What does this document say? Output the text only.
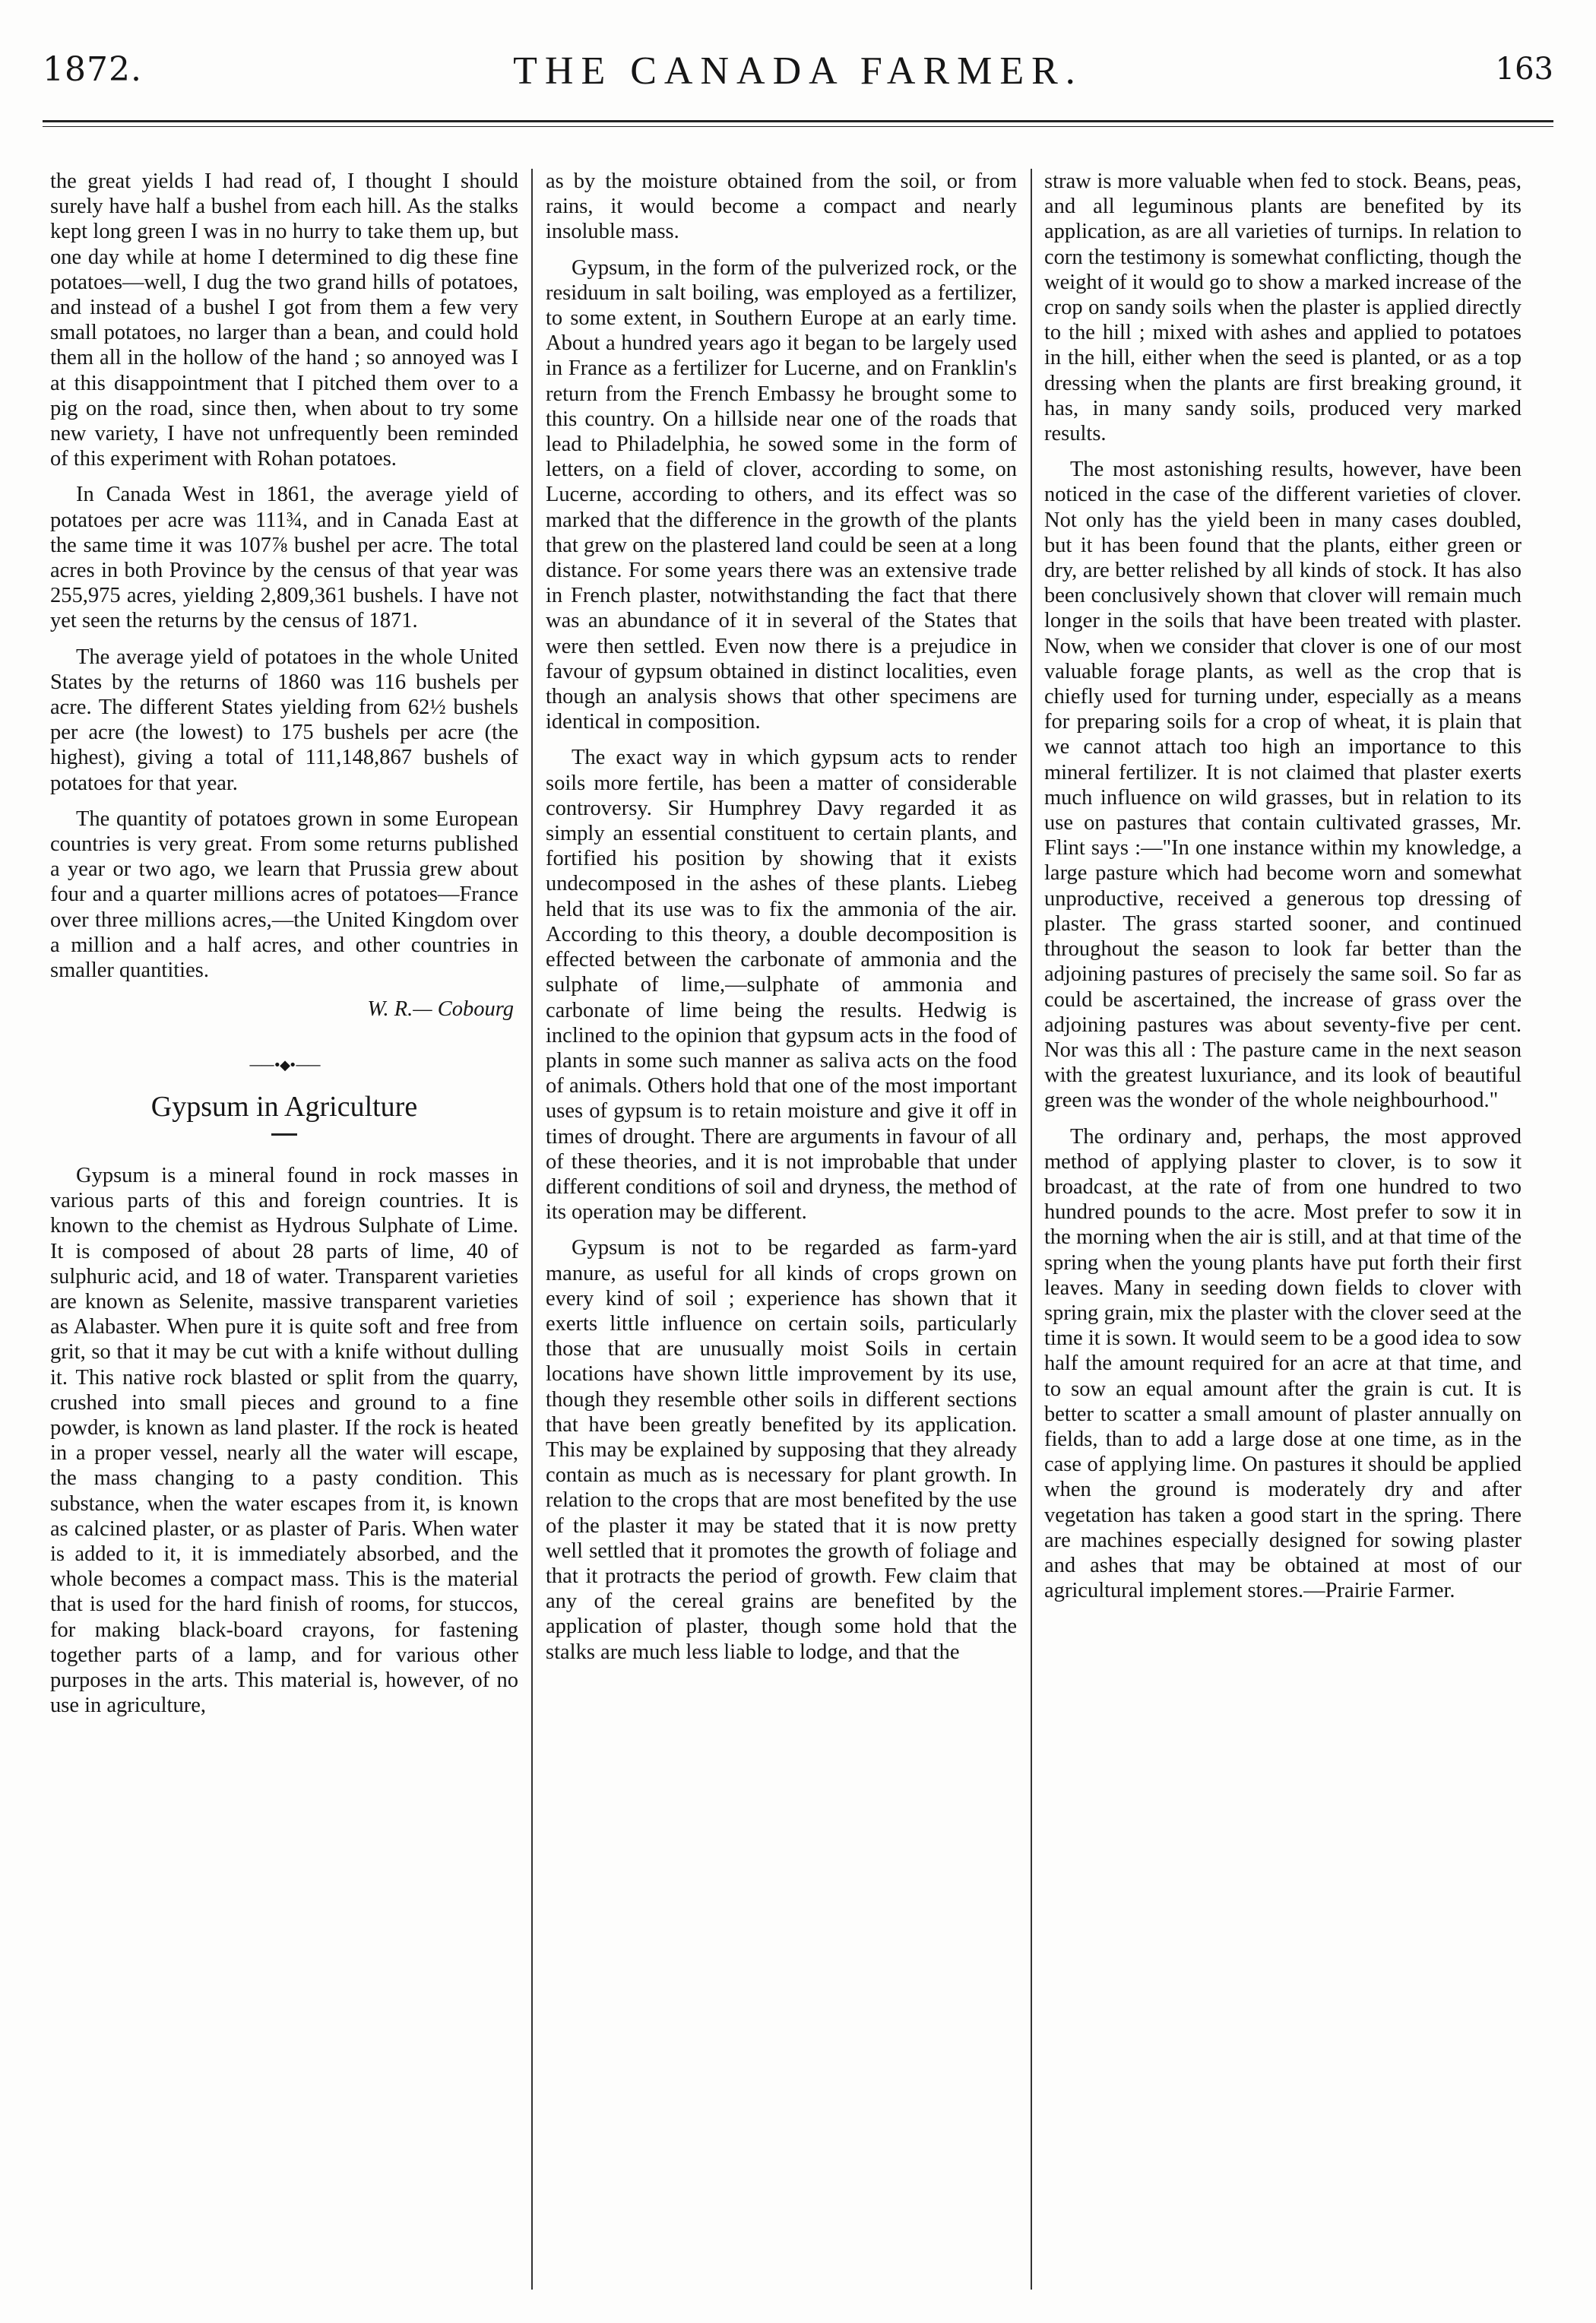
1872.	THE CANADA FARMER.	163

the great yields I had read of, I thought I should surely have half a bushel from each hill. As the stalks kept long green I was in no hurry to take them up, but one day while at home I determined to dig these fine potatoes—well, I dug the two grand hills of potatoes, and instead of a bushel I got from them a few very small potatoes, no larger than a bean, and could hold them all in the hollow of the hand ; so annoyed was I at this disappointment that I pitched them over to a pig on the road, since then, when about to try some new variety, I have not unfrequently been reminded of this experiment with Rohan potatoes.

In Canada West in 1861, the average yield of potatoes per acre was 111¾, and in Canada East at the same time it was 107⅞ bushel per acre. The total acres in both Province by the census of that year was 255,975 acres, yielding 2,809,361 bushels. I have not yet seen the returns by the census of 1871.

The average yield of potatoes in the whole United States by the returns of 1860 was 116 bushels per acre. The different States yielding from 62½ bushels per acre (the lowest) to 175 bushels per acre (the highest), giving a total of 111,148,867 bushels of potatoes for that year.

The quantity of potatoes grown in some European countries is very great. From some returns published a year or two ago, we learn that Prussia grew about four and a quarter millions acres of potatoes—France over three millions acres,—the United Kingdom over a million and a half acres, and other countries in smaller quantities.

W. R.— Cobourg
——•◆•——
Gypsum in Agriculture

Gypsum is a mineral found in rock masses in various parts of this and foreign countries. It is known to the chemist as Hydrous Sulphate of Lime. It is composed of about 28 parts of lime, 40 of sulphuric acid, and 18 of water. Transparent varieties are known as Selenite, massive transparent varieties as Alabaster. When pure it is quite soft and free from grit, so that it may be cut with a knife without dulling it. This native rock blasted or split from the quarry, crushed into small pieces and ground to a fine powder, is known as land plaster. If the rock is heated in a proper vessel, nearly all the water will escape, the mass changing to a pasty condition. This substance, when the water escapes from it, is known as calcined plaster, or as plaster of Paris. When water is added to it, it is immediately absorbed, and the whole becomes a compact mass. This is the material that is used for the hard finish of rooms, for stuccos, for making black-board crayons, for fastening together parts of a lamp, and for various other purposes in the arts. This material is, however, of no use in agriculture,

as by the moisture obtained from the soil, or from rains, it would become a compact and nearly insoluble mass.

Gypsum, in the form of the pulverized rock, or the residuum in salt boiling, was employed as a fertilizer, to some extent, in Southern Europe at an early time. About a hundred years ago it began to be largely used in France as a fertilizer for Lucerne, and on Franklin's return from the French Embassy he brought some to this country. On a hillside near one of the roads that lead to Philadelphia, he sowed some in the form of letters, on a field of clover, according to some, on Lucerne, according to others, and its effect was so marked that the difference in the growth of the plants that grew on the plastered land could be seen at a long distance. For some years there was an extensive trade in French plaster, notwithstanding the fact that there was an abundance of it in several of the States that were then settled. Even now there is a prejudice in favour of gypsum obtained in distinct localities, even though an analysis shows that other specimens are identical in composition.

The exact way in which gypsum acts to render soils more fertile, has been a matter of considerable controversy. Sir Humphrey Davy regarded it as simply an essential constituent to certain plants, and fortified his position by showing that it exists undecomposed in the ashes of these plants. Liebeg held that its use was to fix the ammonia of the air. According to this theory, a double decomposition is effected between the carbonate of ammonia and the sulphate of lime,—sulphate of ammonia and carbonate of lime being the results. Hedwig is inclined to the opinion that gypsum acts in the food of plants in some such manner as saliva acts on the food of animals. Others hold that one of the most important uses of gypsum is to retain moisture and give it off in times of drought. There are arguments in favour of all of these theories, and it is not improbable that under different conditions of soil and dryness, the method of its operation may be different.

Gypsum is not to be regarded as farm-yard manure, as useful for all kinds of crops grown on every kind of soil ; experience has shown that it exerts little influence on certain soils, particularly those that are unusually moist Soils in certain locations have shown little improvement by its use, though they resemble other soils in different sections that have been greatly benefited by its application. This may be explained by supposing that they already contain as much as is necessary for plant growth. In relation to the crops that are most benefited by the use of the plaster it may be stated that it is now pretty well settled that it promotes the growth of foliage and that it protracts the period of growth. Few claim that any of the cereal grains are benefited by the application of plaster, though some hold that the stalks are much less liable to lodge, and that the

straw is more valuable when fed to stock. Beans, peas, and all leguminous plants are benefited by its application, as are all varieties of turnips. In relation to corn the testimony is somewhat conflicting, though the weight of it would go to show a marked increase of the crop on sandy soils when the plaster is applied directly to the hill ; mixed with ashes and applied to potatoes in the hill, either when the seed is planted, or as a top dressing when the plants are first breaking ground, it has, in many sandy soils, produced very marked results.

The most astonishing results, however, have been noticed in the case of the different varieties of clover. Not only has the yield been in many cases doubled, but it has been found that the plants, either green or dry, are better relished by all kinds of stock. It has also been conclusively shown that clover will remain much longer in the soils that have been treated with plaster. Now, when we consider that clover is one of our most valuable forage plants, as well as the crop that is chiefly used for turning under, especially as a means for preparing soils for a crop of wheat, it is plain that we cannot attach too high an importance to this mineral fertilizer. It is not claimed that plaster exerts much influence on wild grasses, but in relation to its use on pastures that contain cultivated grasses, Mr. Flint says :—"In one instance within my knowledge, a large pasture which had become worn and somewhat unproductive, received a generous top dressing of plaster. The grass started sooner, and continued throughout the season to look far better than the adjoining pastures of precisely the same soil. So far as could be ascertained, the increase of grass over the adjoining pastures was about seventy-five per cent. Nor was this all : The pasture came in the next season with the greatest luxuriance, and its look of beautiful green was the wonder of the whole neighbourhood."

The ordinary and, perhaps, the most approved method of applying plaster to clover, is to sow it broadcast, at the rate of from one hundred to two hundred pounds to the acre. Most prefer to sow it in the morning when the air is still, and at that time of the spring when the young plants have put forth their first leaves. Many in seeding down fields to clover with spring grain, mix the plaster with the clover seed at the time it is sown. It would seem to be a good idea to sow half the amount required for an acre at that time, and to sow an equal amount after the grain is cut. It is better to scatter a small amount of plaster annually on fields, than to add a large dose at one time, as in the case of applying lime. On pastures it should be applied when the ground is moderately dry and after vegetation has taken a good start in the spring. There are machines especially designed for sowing plaster and ashes that may be obtained at most of our agricultural implement stores.—Prairie Farmer.
